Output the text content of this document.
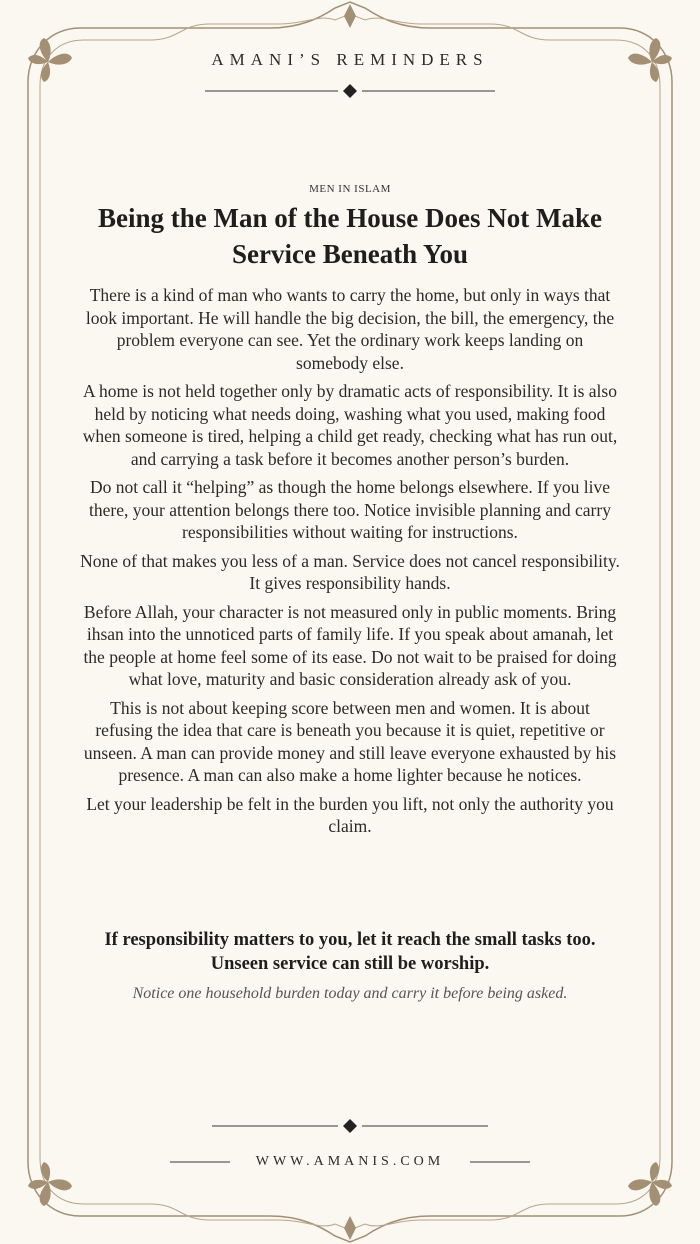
AMANI’S REMINDERS
MEN IN ISLAM
Being the Man of the House Does Not Make Service Beneath You

There is a kind of man who wants to carry the home, but only in ways that look important. He will handle the big decision, the bill, the emergency, the problem everyone can see. Yet the ordinary work keeps landing on somebody else.

A home is not held together only by dramatic acts of responsibility. It is also held by noticing what needs doing, washing what you used, making food when someone is tired, helping a child get ready, checking what has run out, and carrying a task before it becomes another person’s burden.

Do not call it “helping” as though the home belongs elsewhere. If you live there, your attention belongs there too. Notice invisible planning and carry responsibilities without waiting for instructions.

None of that makes you less of a man. Service does not cancel responsibility. It gives responsibility hands.

Before Allah, your character is not measured only in public moments. Bring ihsan into the unnoticed parts of family life. If you speak about amanah, let the people at home feel some of its ease. Do not wait to be praised for doing what love, maturity and basic consideration already ask of you.

This is not about keeping score between men and women. It is about refusing the idea that care is beneath you because it is quiet, repetitive or unseen. A man can provide money and still leave everyone exhausted by his presence. A man can also make a home lighter because he notices.

Let your leadership be felt in the burden you lift, not only the authority you claim.

If responsibility matters to you, let it reach the small tasks too. Unseen service can still be worship.
Notice one household burden today and carry it before being asked.
WWW.AMANIS.COM
